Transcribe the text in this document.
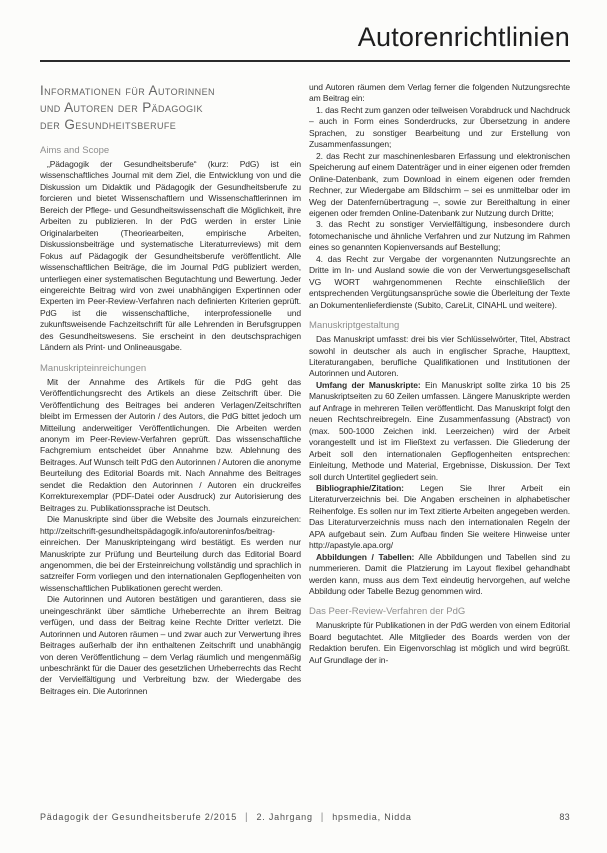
Autorenrichtlinien
Informationen für Autorinnen
und Autoren der Pädagogik
der Gesundheitsberufe
Aims and Scope

„Pädagogik der Gesundheitsberufe“ (kurz: PdG) ist ein wissenschaftliches Journal mit dem Ziel, die Entwicklung von und die Diskussion um Didaktik und Pädagogik der Gesundheitsberufe zu forcieren und bietet Wissenschaftlern und Wissenschaftlerinnen im Bereich der Pflege- und Gesundheitswissenschaft die Möglichkeit, ihre Arbeiten zu publizieren. In der PdG werden in erster Linie Originalarbeiten (Theoriearbeiten, empirische Arbeiten, Diskussionsbeiträge und systematische Literaturreviews) mit dem Fokus auf Pädagogik der Gesundheitsberufe veröffentlicht. Alle wissenschaftlichen Beiträge, die im Journal PdG publiziert werden, unterliegen einer systematischen Begutachtung und Bewertung. Jeder eingereichte Beitrag wird von zwei unabhängigen Expertinnen oder Experten im Peer-Review-Verfahren nach definierten Kriterien geprüft. PdG ist die wissenschaftliche, interprofessionelle und zukunftsweisende Fachzeitschrift für alle Lehrenden in Berufsgruppen des Gesundheitswesens. Sie erscheint in den deutschsprachigen Ländern als Print- und Onlineausgabe.

Manuskripteinreichungen

Mit der Annahme des Artikels für die PdG geht das Veröffentlichungsrecht des Artikels an diese Zeitschrift über. Die Veröffentlichung des Beitrages bei anderen Verlagen/Zeitschriften bleibt im Ermessen der Autorin / des Autors, die PdG bittet jedoch um Mitteilung anderweitiger Veröffentlichungen. Die Arbeiten werden anonym im Peer-Review-Verfahren geprüft. Das wissenschaftliche Fachgremium entscheidet über Annahme bzw. Ablehnung des Beitrages. Auf Wunsch teilt PdG den Autorinnen / Autoren die anonyme Beurteilung des Editorial Boards mit. Nach Annahme des Beitrages sendet die Redaktion den Autorinnen / Autoren ein druckreifes Korrekturexemplar (PDF-Datei oder Ausdruck) zur Autorisierung des Beitrages zu. Publikationssprache ist Deutsch.

Die Manuskripte sind über die Website des Journals einzureichen: http://zeitschrift-gesundheitspädagogik.info/autoreninfos/beitrag-einreichen. Der Manuskripteingang wird bestätigt. Es werden nur Manuskripte zur Prüfung und Beurteilung durch das Editorial Board angenommen, die bei der Ersteinreichung vollständig und sprachlich in satzreifer Form vorliegen und den internationalen Gepflogenheiten von wissenschaftlichen Publikationen gerecht werden.

Die Autorinnen und Autoren bestätigen und garantieren, dass sie uneingeschränkt über sämtliche Urheberrechte an ihrem Beitrag verfügen, und dass der Beitrag keine Rechte Dritter verletzt. Die Autorinnen und Autoren räumen – und zwar auch zur Verwertung ihres Beitrages außerhalb der ihn enthaltenen Zeitschrift und unabhängig von deren Veröffentlichung – dem Verlag räumlich und mengenmäßig unbeschränkt für die Dauer des gesetzlichen Urheberrechts das Recht der Vervielfältigung und Verbreitung bzw. der Wiedergabe des Beitrages ein. Die Autorinnen

und Autoren räumen dem Verlag ferner die folgenden Nutzungsrechte am Beitrag ein:

1. das Recht zum ganzen oder teilweisen Vorabdruck und Nachdruck – auch in Form eines Sonderdrucks, zur Übersetzung in andere Sprachen, zu sonstiger Bearbeitung und zur Erstellung von Zusammenfassungen;

2. das Recht zur maschinenlesbaren Erfassung und elektronischen Speicherung auf einem Datenträger und in einer eigenen oder fremden Online-Datenbank, zum Download in einem eigenen oder fremden Rechner, zur Wiedergabe am Bildschirm – sei es unmittelbar oder im Weg der Datenfernübertragung –, sowie zur Bereithaltung in einer eigenen oder fremden Online-Datenbank zur Nutzung durch Dritte;

3. das Recht zu sonstiger Vervielfältigung, insbesondere durch fotomechanische und ähnliche Verfahren und zur Nutzung im Rahmen eines so genannten Kopienversands auf Bestellung;

4. das Recht zur Vergabe der vorgenannten Nutzungsrechte an Dritte im In- und Ausland sowie die von der Verwertungsgesellschaft VG WORT wahrgenommenen Rechte einschließlich der entsprechenden Vergütungsansprüche sowie die Überleitung der Texte an Dokumentenlieferdienste (Subito, CareLit, CINAHL und weitere).

Manuskriptgestaltung

Das Manuskript umfasst: drei bis vier Schlüsselwörter, Titel, Abstract sowohl in deutscher als auch in englischer Sprache, Haupttext, Literaturangaben, berufliche Qualifikationen und Institutionen der Autorinnen und Autoren.

Umfang der Manuskripte: Ein Manuskript sollte zirka 10 bis 25 Manuskriptseiten zu 60 Zeilen umfassen. Längere Manuskripte werden auf Anfrage in mehreren Teilen veröffentlicht. Das Manuskript folgt den neuen Rechtschreibregeln. Eine Zusammenfassung (Abstract) von (max. 500-1000 Zeichen inkl. Leerzeichen) wird der Arbeit vorangestellt und ist im Fließtext zu verfassen. Die Gliederung der Arbeit soll den internationalen Gepflogenheiten entsprechen: Einleitung, Methode und Material, Ergebnisse, Diskussion. Der Text soll durch Untertitel gegliedert sein.

Bibliographie/Zitation: Legen Sie Ihrer Arbeit ein Literaturverzeichnis bei. Die Angaben erscheinen in alphabetischer Reihenfolge. Es sollen nur im Text zitierte Arbeiten angegeben werden. Das Literaturverzeichnis muss nach den internationalen Regeln der APA aufgebaut sein. Zum Aufbau finden Sie weitere Hinweise unter http://apastyle.apa.org/

Abbildungen / Tabellen: Alle Abbildungen und Tabellen sind zu nummerieren. Damit die Platzierung im Layout flexibel gehandhabt werden kann, muss aus dem Text eindeutig hervorgehen, auf welche Abbildung oder Tabelle Bezug genommen wird.

Das Peer-Review-Verfahren der PdG

Manuskripte für Publikationen in der PdG werden von einem Editorial Board begutachtet. Alle Mitglieder des Boards werden von der Redaktion berufen. Ein Eigenvorschlag ist möglich und wird begrüßt. Auf Grundlage der in-

Pädagogik der Gesundheitsberufe 2/2015 | 2. Jahrgang | hpsmedia, Nidda	83
